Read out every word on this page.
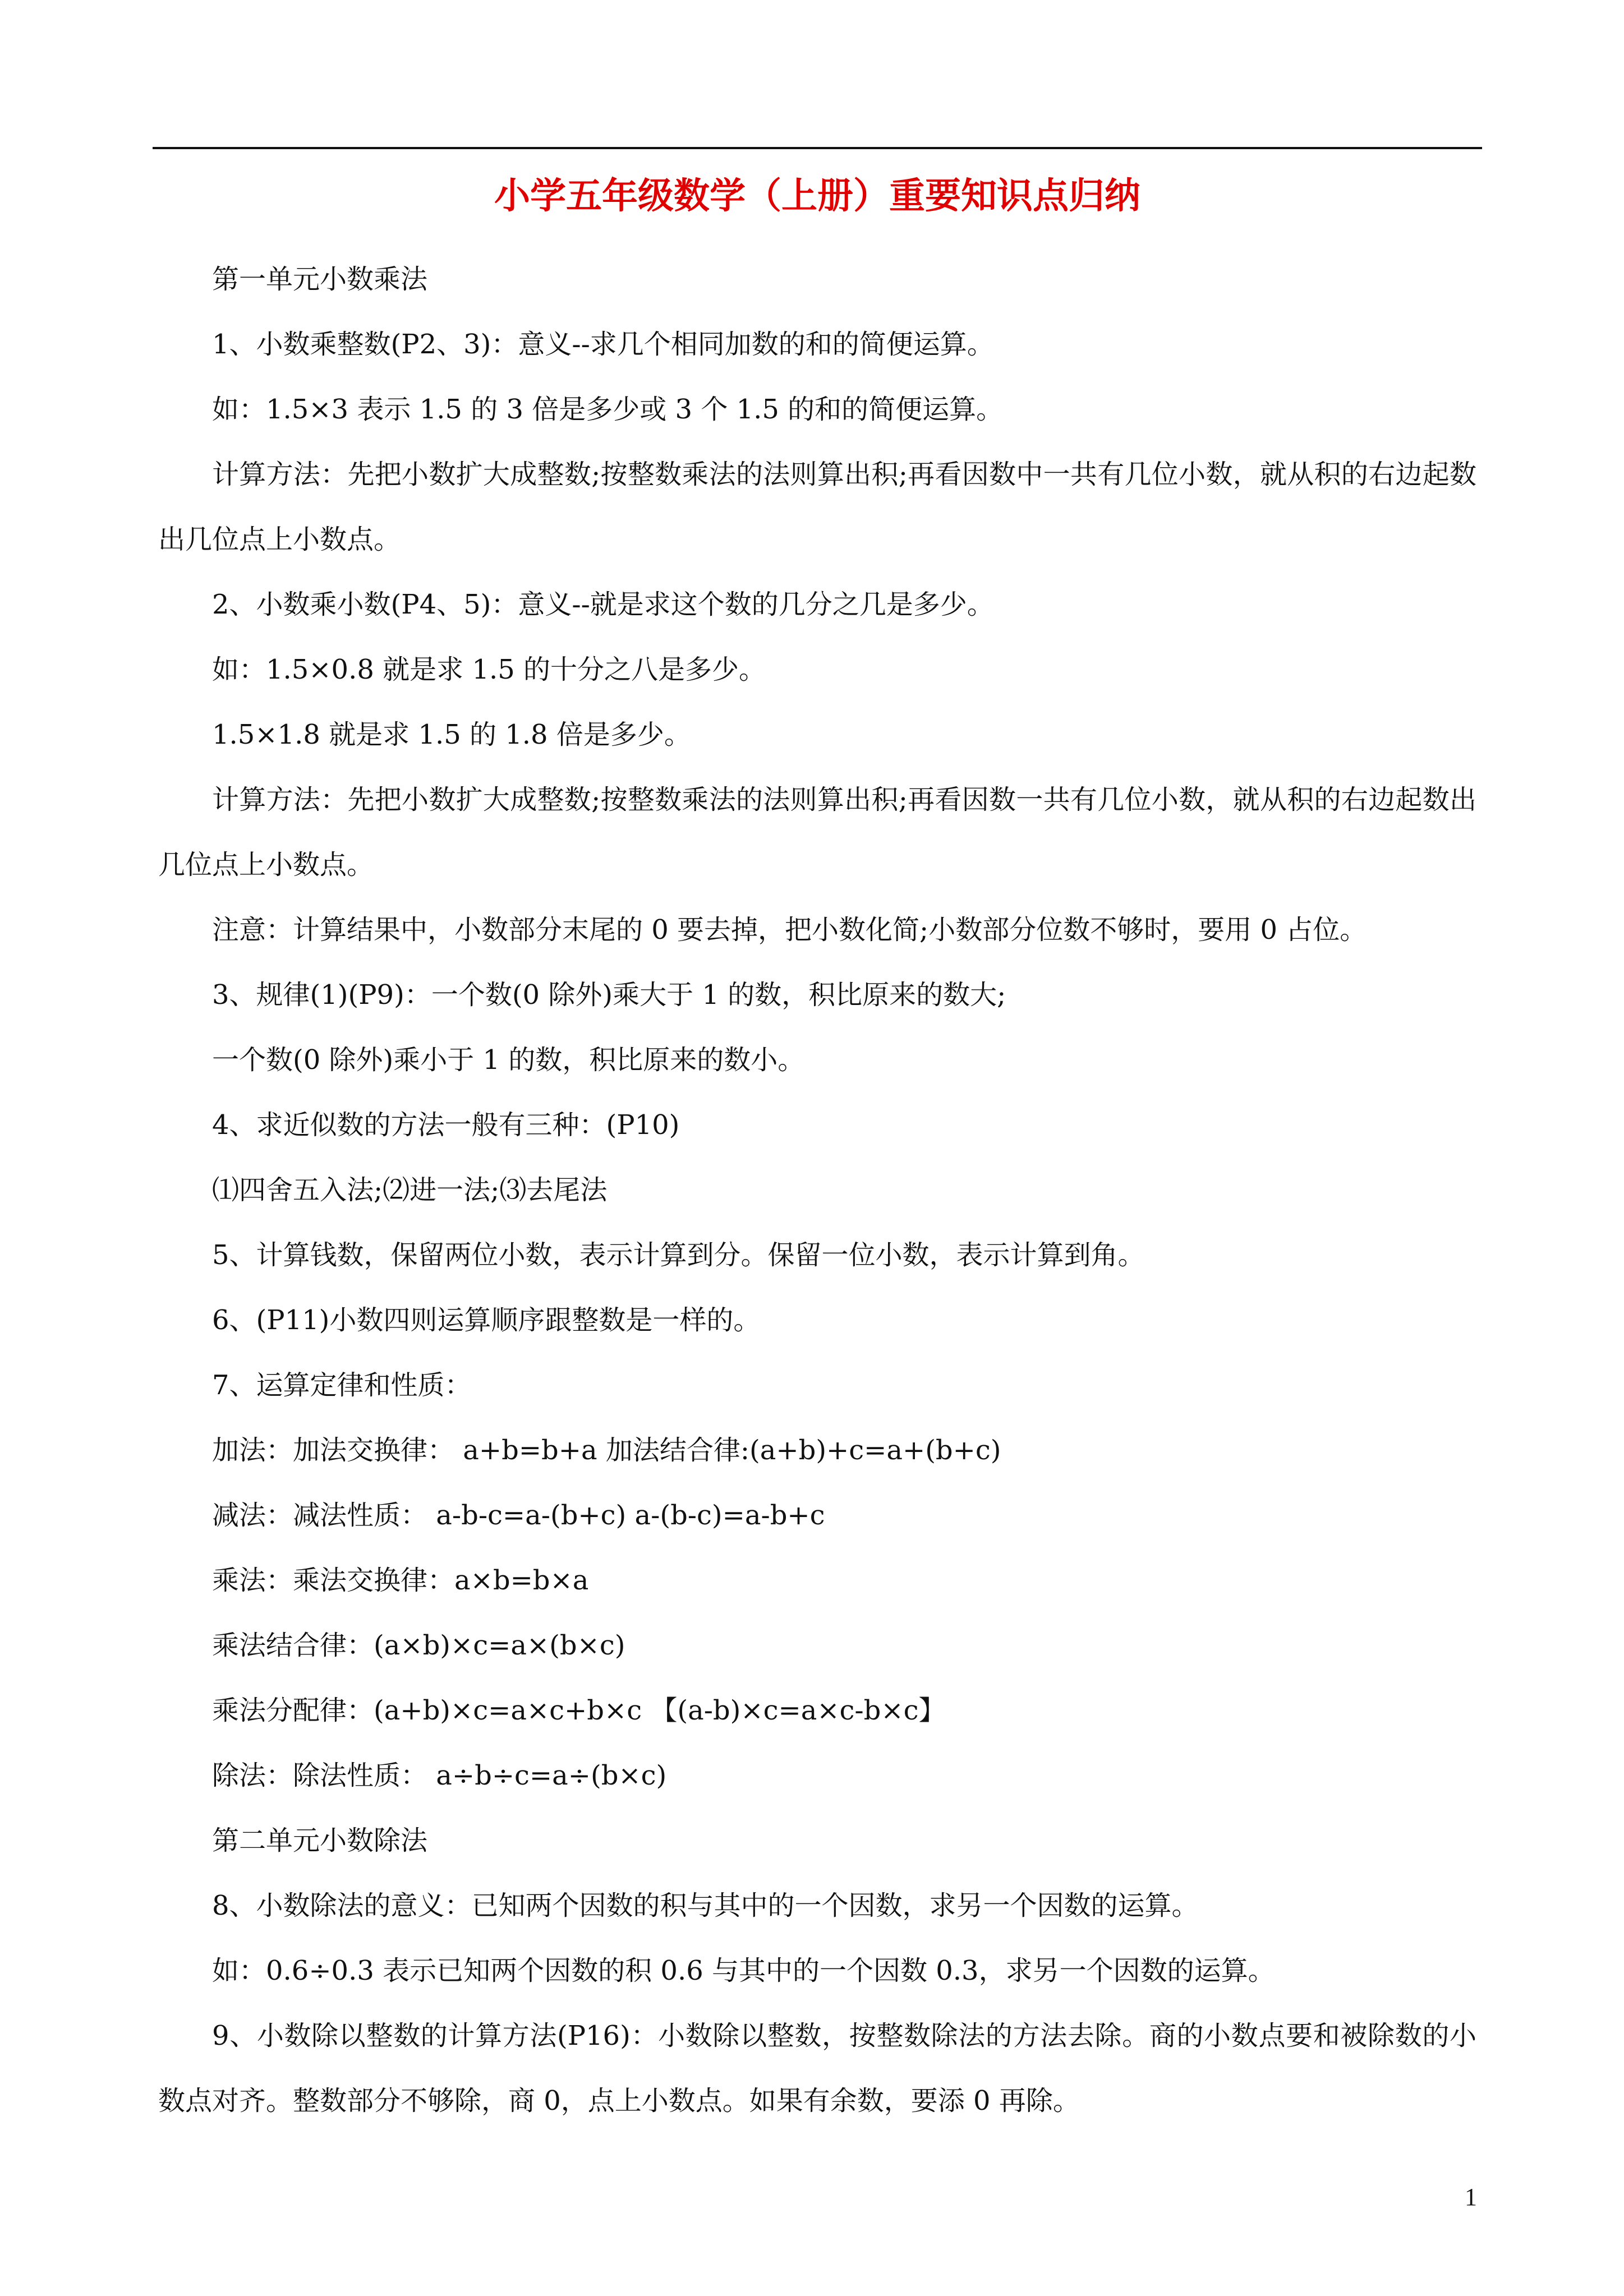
小学五年级数学（上册）重要知识点归纳

第一单元小数乘法

1、小数乘整数(P2、3)：意义--求几个相同加数的和的简便运算。

如：1.5×3 表示 1.5 的 3 倍是多少或 3 个 1.5 的和的简便运算。

计算方法：先把小数扩大成整数;按整数乘法的法则算出积;再看因数中一共有几位小数，就从积的右边起数出几位点上小数点。

2、小数乘小数(P4、5)：意义--就是求这个数的几分之几是多少。

如：1.5×0.8 就是求 1.5 的十分之八是多少。

1.5×1.8 就是求 1.5 的 1.8 倍是多少。

计算方法：先把小数扩大成整数;按整数乘法的法则算出积;再看因数一共有几位小数，就从积的右边起数出几位点上小数点。

注意：计算结果中，小数部分末尾的 0 要去掉，把小数化简;小数部分位数不够时，要用 0 占位。

3、规律(1)(P9)：一个数(0 除外)乘大于 1 的数，积比原来的数大;

一个数(0 除外)乘小于 1 的数，积比原来的数小。

4、求近似数的方法一般有三种：(P10)

⑴四舍五入法;⑵进一法;⑶去尾法

5、计算钱数，保留两位小数，表示计算到分。保留一位小数，表示计算到角。

6、(P11)小数四则运算顺序跟整数是一样的。

7、运算定律和性质：

加法：加法交换律： a+b=b+a 加法结合律:(a+b)+c=a+(b+c)

减法：减法性质： a-b-c=a-(b+c) a-(b-c)=a-b+c

乘法：乘法交换律：a×b=b×a

乘法结合律：(a×b)×c=a×(b×c)

乘法分配律：(a+b)×c=a×c+b×c 【(a-b)×c=a×c-b×c】

除法：除法性质： a÷b÷c=a÷(b×c)

第二单元小数除法

8、小数除法的意义：已知两个因数的积与其中的一个因数，求另一个因数的运算。

如：0.6÷0.3 表示已知两个因数的积 0.6 与其中的一个因数 0.3，求另一个因数的运算。

9、小数除以整数的计算方法(P16)：小数除以整数，按整数除法的方法去除。商的小数点要和被除数的小数点对齐。整数部分不够除，商 0，点上小数点。如果有余数，要添 0 再除。

1
